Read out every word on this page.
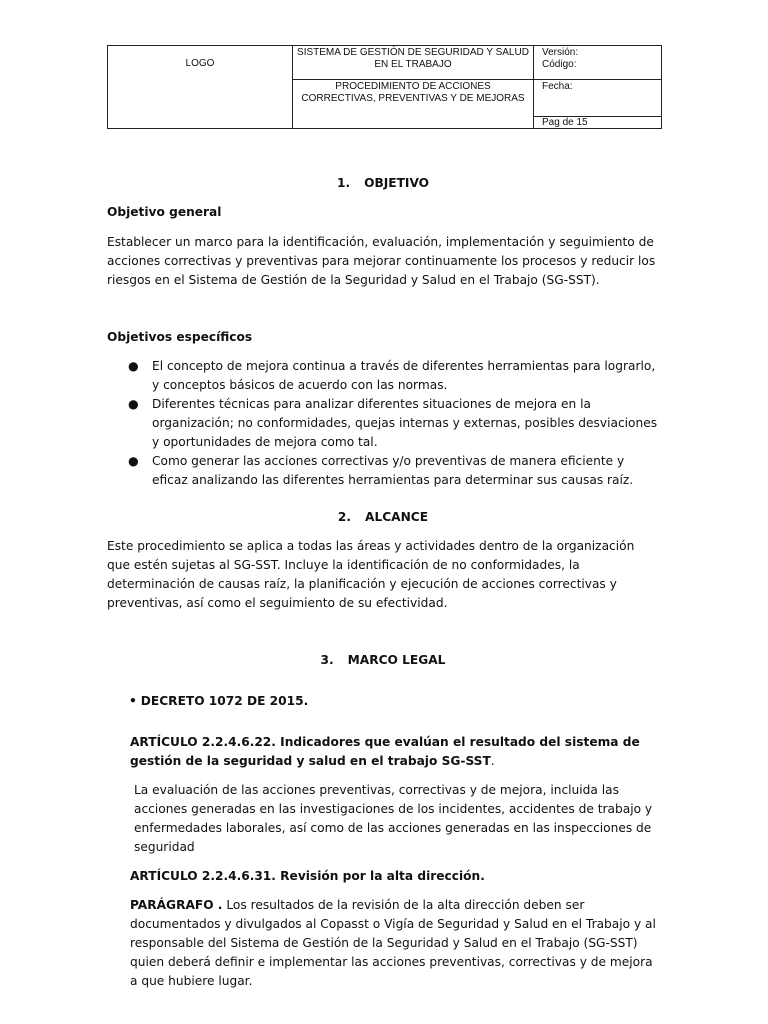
LOGO	SISTEMA DE GESTIÓN DE SEGURIDAD Y SALUD EN EL TRABAJO	Versión:
Código:

	PROCEDIMIENTO DE ACCIONES CORRECTIVAS, PREVENTIVAS Y DE MEJORAS	Fecha:
		Pag de 15

1. OBJETIVO

Objetivo general

Establecer un marco para la identificación, evaluación, implementación y seguimiento de acciones correctivas y preventivas para mejorar continuamente los procesos y reducir los riesgos en el Sistema de Gestión de la Seguridad y Salud en el Trabajo (SG-SST).

Objetivos específicos

● El concepto de mejora continua a través de diferentes herramientas para lograrlo, y conceptos básicos de acuerdo con las normas.
● Diferentes técnicas para analizar diferentes situaciones de mejora en la organización; no conformidades, quejas internas y externas, posibles desviaciones y oportunidades de mejora como tal.
● Como generar las acciones correctivas y/o preventivas de manera eficiente y eficaz analizando las diferentes herramientas para determinar sus causas raíz.

2. ALCANCE

Este procedimiento se aplica a todas las áreas y actividades dentro de la organización que estén sujetas al SG-SST. Incluye la identificación de no conformidades, la determinación de causas raíz, la planificación y ejecución de acciones correctivas y preventivas, así como el seguimiento de su efectividad.

3. MARCO LEGAL

• DECRETO 1072 DE 2015.

ARTÍCULO 2.2.4.6.22. Indicadores que evalúan el resultado del sistema de gestión de la seguridad y salud en el trabajo SG-SST.

La evaluación de las acciones preventivas, correctivas y de mejora, incluida las acciones generadas en las investigaciones de los incidentes, accidentes de trabajo y enfermedades laborales, así como de las acciones generadas en las inspecciones de seguridad

ARTÍCULO 2.2.4.6.31. Revisión por la alta dirección.

PARÁGRAFO . Los resultados de la revisión de la alta dirección deben ser documentados y divulgados al Copasst o Vigía de Seguridad y Salud en el Trabajo y al responsable del Sistema de Gestión de la Seguridad y Salud en el Trabajo (SG-SST) quien deberá definir e implementar las acciones preventivas, correctivas y de mejora a que hubiere lugar.
